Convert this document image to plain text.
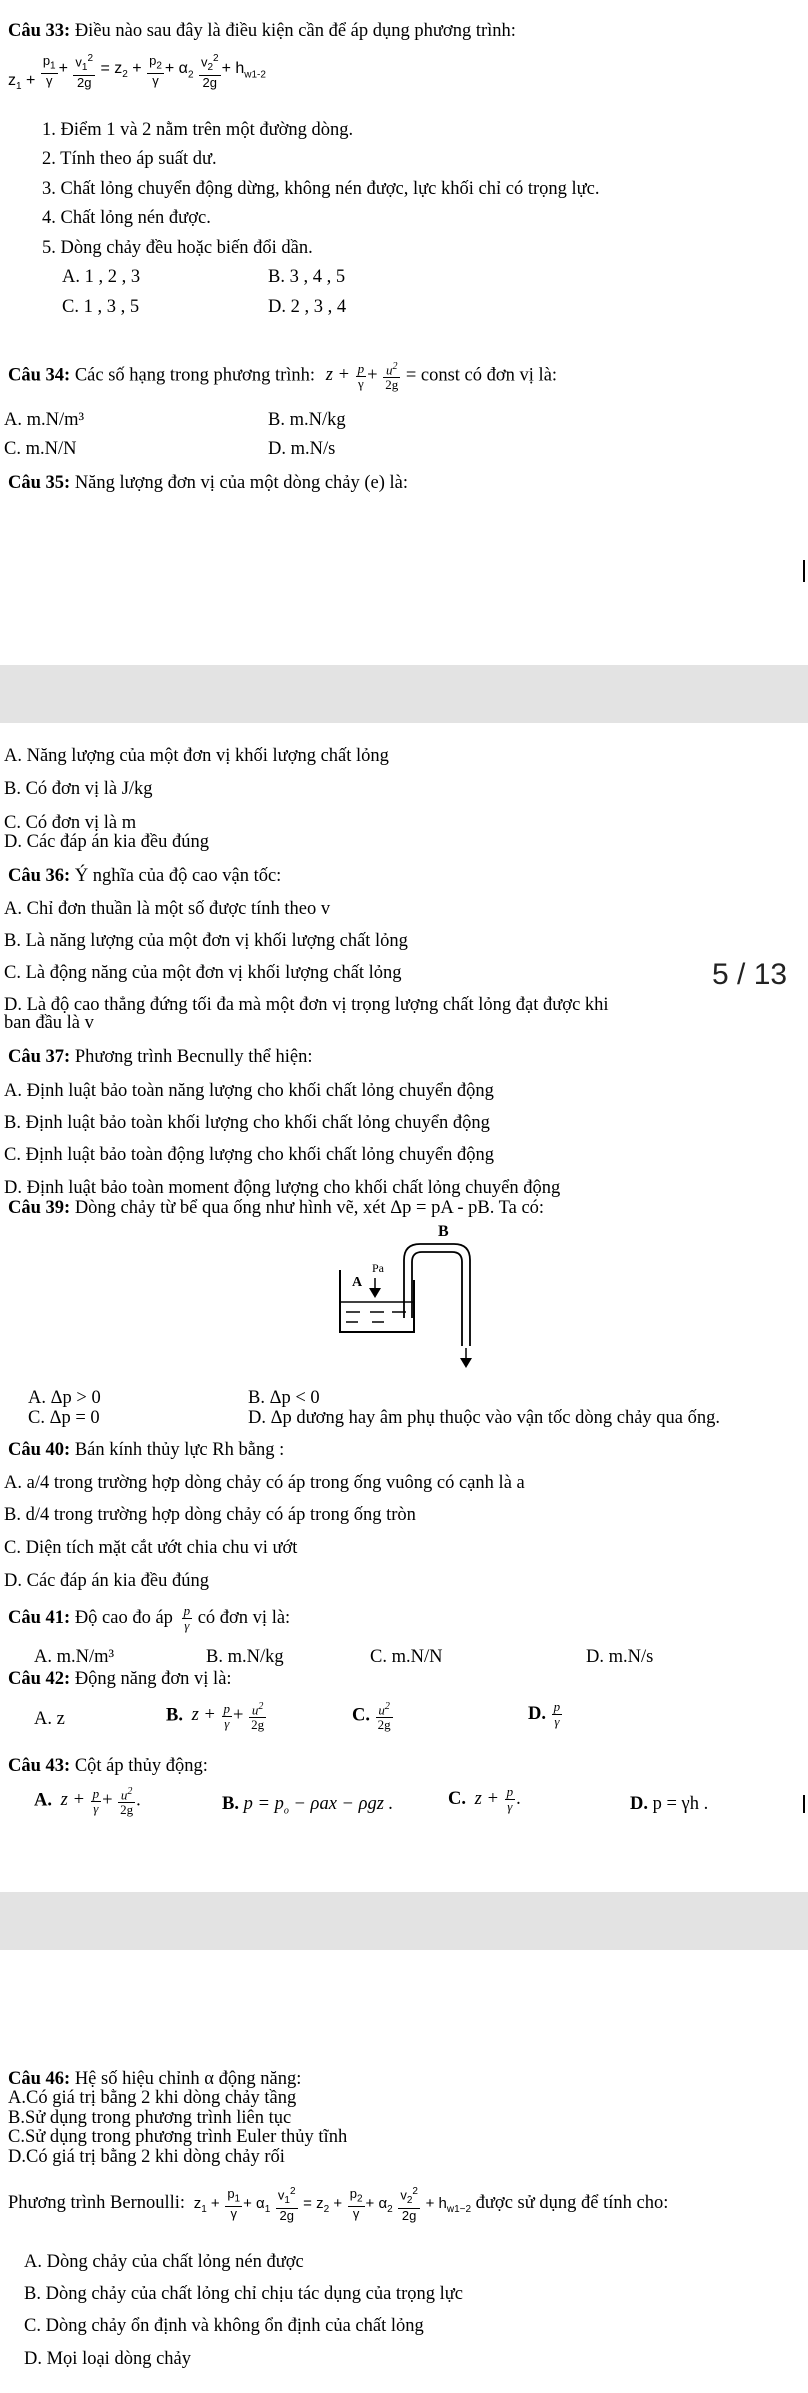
Câu 33: Điều nào sau đây là điều kiện cần để áp dụng phương trình:
$z_1 + \frac{p_1}{\gamma} + \frac{v_1^2}{2g} = z_2 + \frac{p_2}{\gamma} + \alpha_2 \frac{v_2^2}{2g} + h_{w1-2}$
1. Điểm 1 và 2 nằm trên một đường dòng.
2. Tính theo áp suất dư.
3. Chất lỏng chuyển động dừng, không nén được, lực khối chỉ có trọng lực.
4. Chất lỏng nén được.
5. Dòng chảy đều hoặc biến đổi dần.
A. 1 , 2 , 3	B. 3 , 4 , 5
C. 1 , 3 , 5	D. 2 , 3 , 4
Câu 34: Các số hạng trong phương trình: $z + \frac{p}{\gamma} + \frac{u^2}{2g}$ = const có đơn vị là:
A. m.N/m³	B. m.N/kg
C. m.N/N	D. m.N/s
Câu 35: Năng lượng đơn vị của một dòng chảy (e) là:
A. Năng lượng của một đơn vị khối lượng chất lỏng
B. Có đơn vị là J/kg
C. Có đơn vị là m
D. Các đáp án kia đều đúng
Câu 36: Ý nghĩa của độ cao vận tốc:
A. Chỉ đơn thuần là một số được tính theo v
B. Là năng lượng của một đơn vị khối lượng chất lỏng
C. Là động năng của một đơn vị khối lượng chất lỏng	5 / 13
D. Là độ cao thẳng đứng tối đa mà một đơn vị trọng lượng chất lỏng đạt được khi
ban đầu là v
Câu 37: Phương trình Becnully thể hiện:
A. Định luật bảo toàn năng lượng cho khối chất lỏng chuyển động
B. Định luật bảo toàn khối lượng cho khối chất lỏng chuyển động
C. Định luật bảo toàn động lượng cho khối chất lỏng chuyển động
D. Định luật bảo toàn moment động lượng cho khối chất lỏng chuyển động
Câu 39: Dòng chảy từ bể qua ống như hình vẽ, xét Δp = pA - pB. Ta có:
B
Pa
A
A. Δp > 0	B. Δp < 0
C. Δp = 0	D. Δp dương hay âm phụ thuộc vào vận tốc dòng chảy qua ống.
Câu 40: Bán kính thủy lực Rh bằng :
A. a/4 trong trường hợp dòng chảy có áp trong ống vuông có cạnh là a
B. d/4 trong trường hợp dòng chảy có áp trong ống tròn
C. Diện tích mặt cắt ướt chia chu vi ướt
D. Các đáp án kia đều đúng
Câu 41: Độ cao đo áp $\frac{p}{\gamma}$ có đơn vị là:
A. m.N/m³	B. m.N/kg	C. m.N/N	D. m.N/s
Câu 42: Động năng đơn vị là:
A. z	B. $z + \frac{p}{\gamma} + \frac{u^2}{2g}$	C. $\frac{u^2}{2g}$	D. $\frac{p}{\gamma}$
Câu 43: Cột áp thủy động:
A. $z + \frac{p}{\gamma} + \frac{u^2}{2g}$ .	B. $p = p_o - \rho ax - \rho gz$ .	C. $z + \frac{p}{\gamma}$ .	D. p = γh .
Câu 46: Hệ số hiệu chỉnh α động năng:
A.Có giá trị bằng 2 khi dòng chảy tầng
B.Sử dụng trong phương trình liên tục
C.Sử dụng trong phương trình Euler thủy tĩnh
D.Có giá trị bằng 2 khi dòng chảy rối
Phương trình Bernoulli: $z_1 + \frac{p_1}{\gamma} + \alpha_1 \frac{v_1^2}{2g} = z_2 + \frac{p_2}{\gamma} + \alpha_2 \frac{v_2^2}{2g} + h_{w1-2}$ được sử dụng để tính cho:
A. Dòng chảy của chất lỏng nén được
B. Dòng chảy của chất lỏng chỉ chịu tác dụng của trọng lực
C. Dòng chảy ổn định và không ổn định của chất lỏng
D. Mọi loại dòng chảy
